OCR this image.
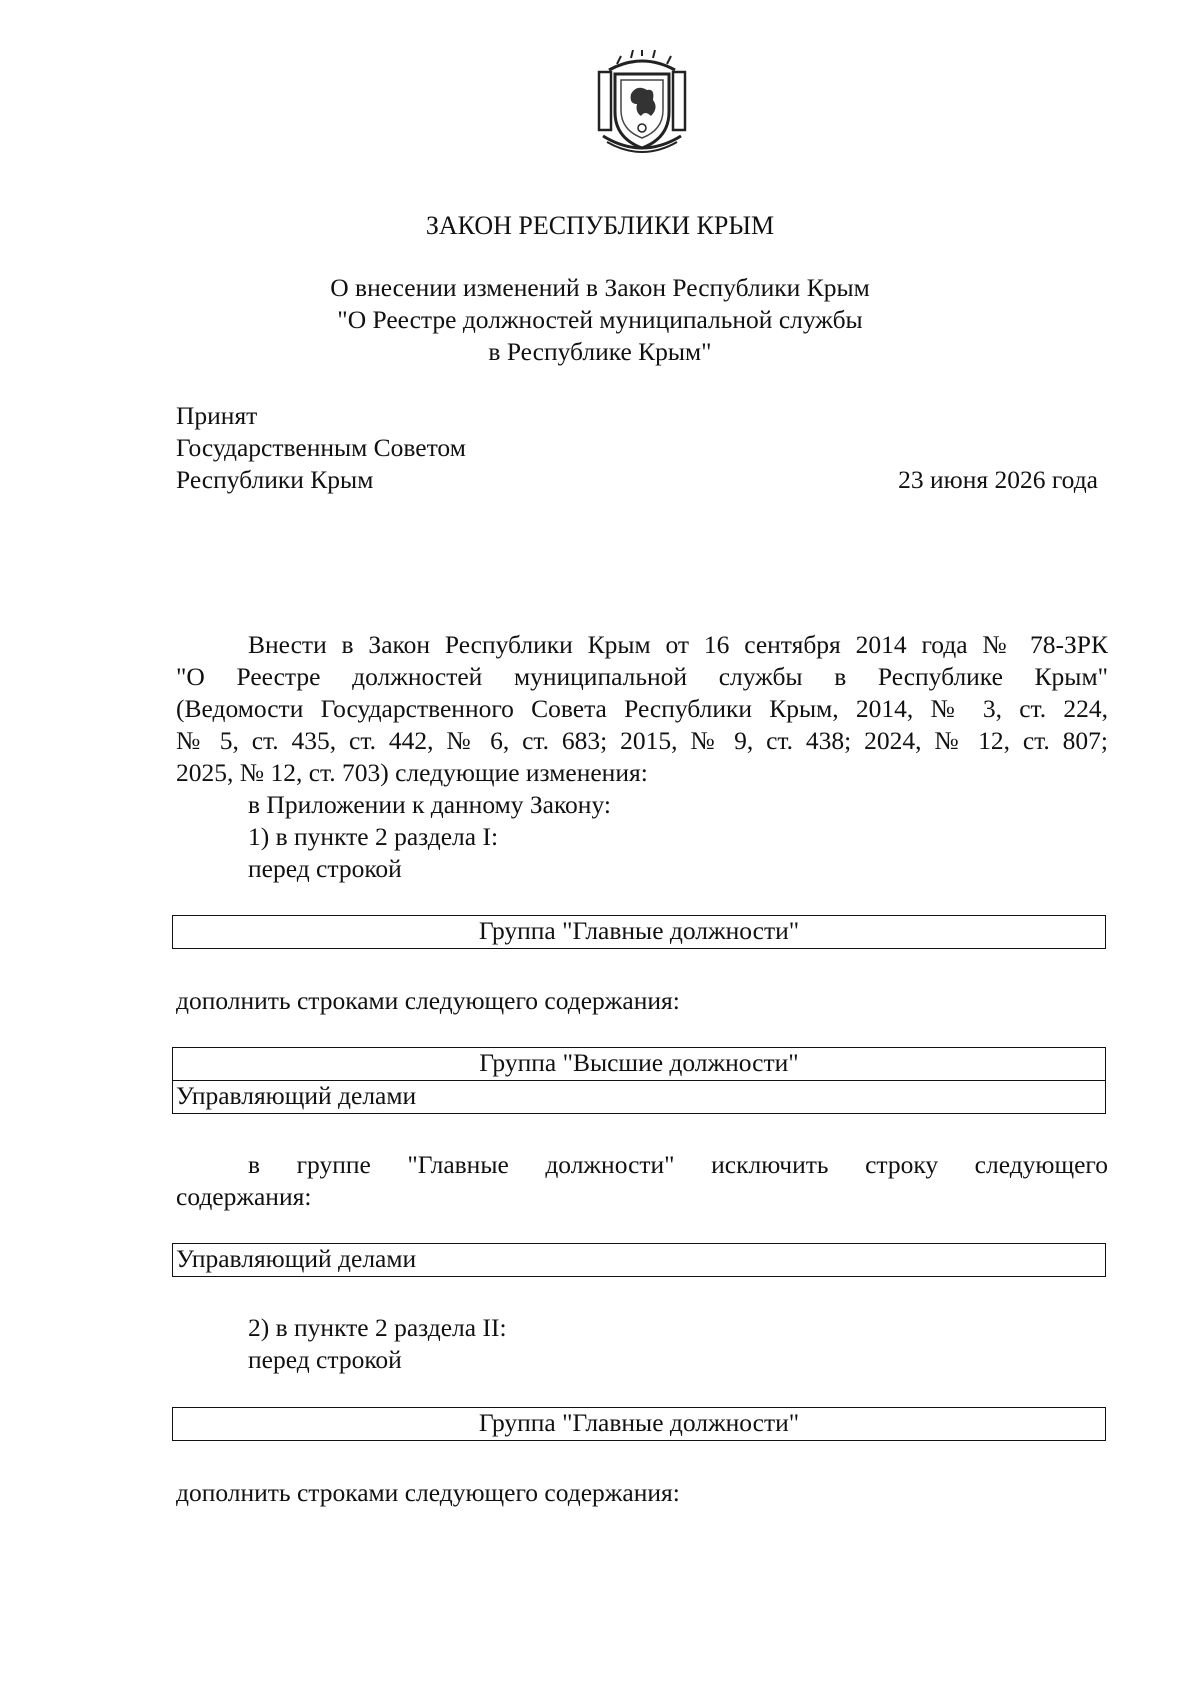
ЗАКОН РЕСПУБЛИКИ КРЫМ
О внесении изменений в Закон Республики Крым
"О Реестре должностей муниципальной службы
в Республике Крым"
Принят
Государственным Советом
Республики Крым	23 июня 2026 года
Внести в Закон Республики Крым от 16 сентября 2014 года № 78-ЗРК
"О Реестре должностей муниципальной службы в Республике Крым"
(Ведомости Государственного Совета Республики Крым, 2014, № 3, ст. 224,
№ 5, ст. 435, ст. 442, № 6, ст. 683; 2015, № 9, ст. 438; 2024, № 12, ст. 807;
2025, № 12, ст. 703) следующие изменения:
в Приложении к данному Закону:
1) в пункте 2 раздела I:
перед строкой
Группа "Главные должности"
дополнить строками следующего содержания:
Группа "Высшие должности"
Управляющий делами
в группе "Главные должности" исключить строку следующего
содержания:
Управляющий делами
2) в пункте 2 раздела II:
перед строкой
Группа "Главные должности"
дополнить строками следующего содержания:
